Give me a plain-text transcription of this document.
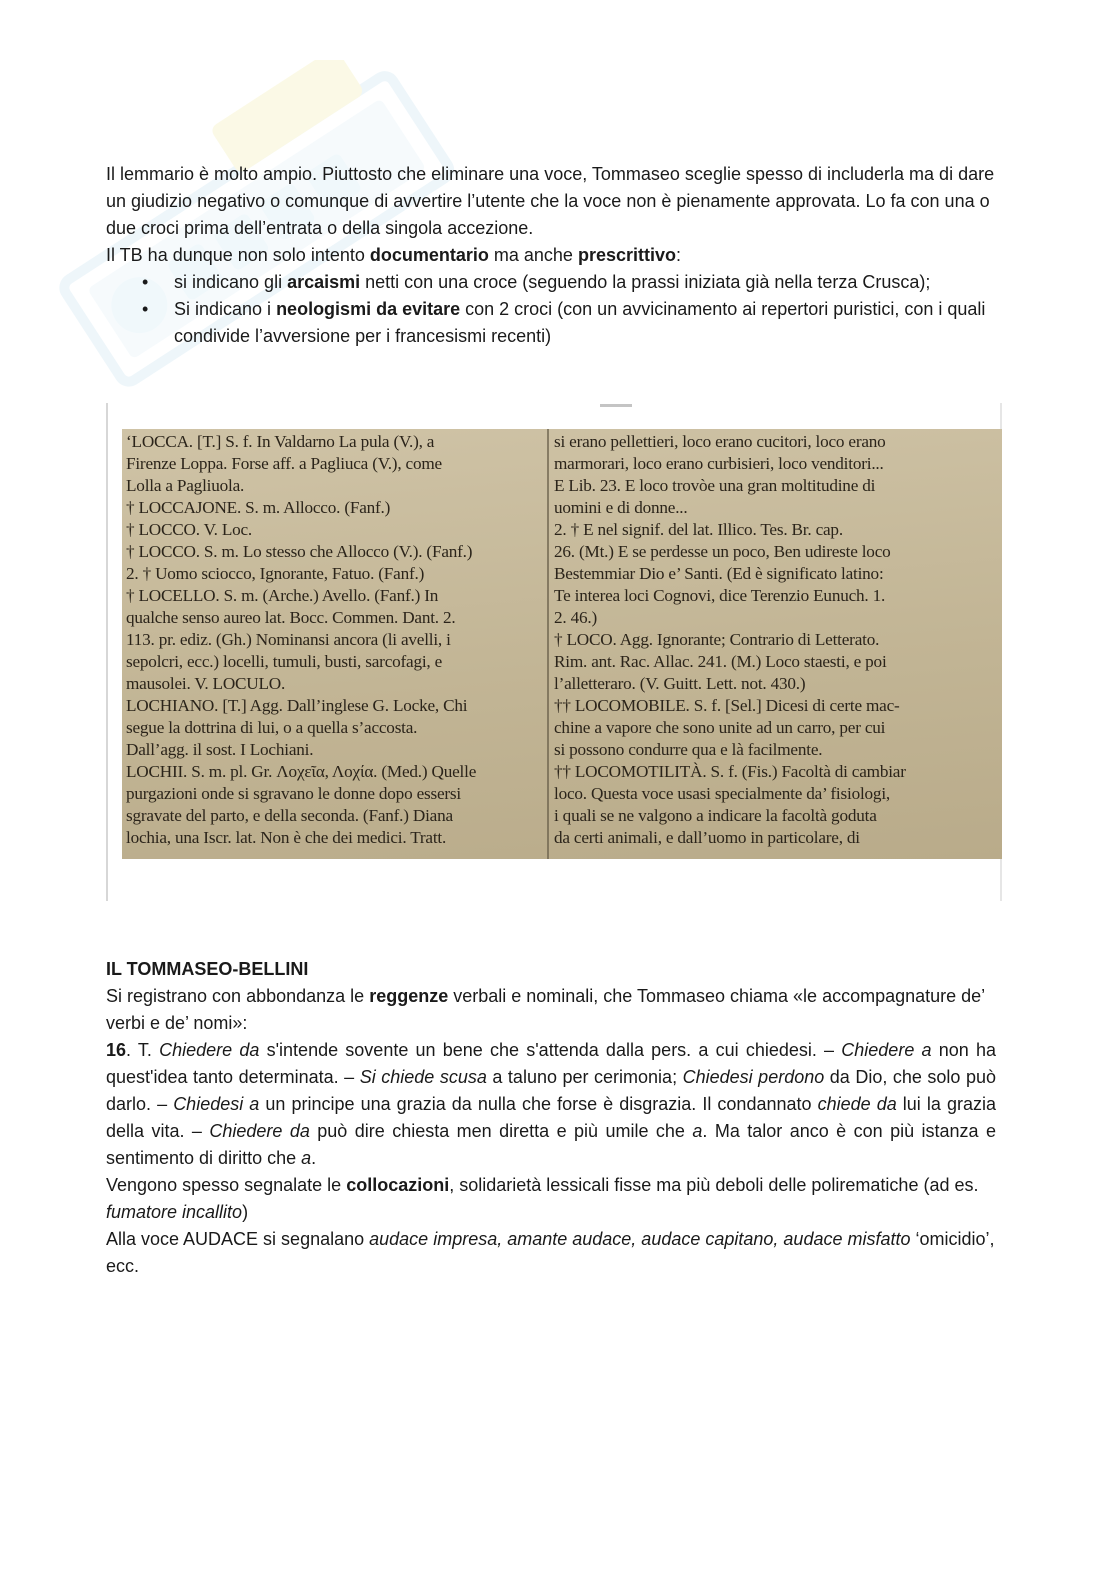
Il lemmario è molto ampio. Piuttosto che eliminare una voce, Tommaseo sceglie spesso di includerla ma di dare un giudizio negativo o comunque di avvertire l’utente che la voce non è pienamente approvata. Lo fa con una o due croci prima dell’entrata o della singola accezione.

Il TB ha dunque non solo intento documentario ma anche prescrittivo:

• si indicano gli arcaismi netti con una croce (seguendo la prassi iniziata già nella terza Crusca);
• Si indicano i neologismi da evitare con 2 croci (con un avvicinamento ai repertori puristici, con i quali condivide l’avversione per i francesismi recenti)
‘LOCCA. [T.] S. f. In Valdarno La pula (V.), a
Firenze Loppa. Forse aff. a Pagliuca (V.), come
Lolla a Pagliuola.
† LOCCAJONE. S. m. Allocco. (Fanf.)
† LOCCO. V. Loc.
† LOCCO. S. m. Lo stesso che Allocco (V.). (Fanf.)
2. † Uomo sciocco, Ignorante, Fatuo. (Fanf.)
† LOCELLO. S. m. (Arche.) Avello. (Fanf.) In
qualche senso aureo lat. Bocc. Commen. Dant. 2.
113. pr. ediz. (Gh.) Nominansi ancora (li avelli, i
sepolcri, ecc.) locelli, tumuli, busti, sarcofagi, e
mausolei. V. LOCULO.
LOCHIANO. [T.] Agg. Dall’inglese G. Locke, Chi
segue la dottrina di lui, o a quella s’accosta.
Dall’agg. il sost. I Lochiani.
LOCHII. S. m. pl. Gr. Λοχεῖα, Λοχία. (Med.) Quelle
purgazioni onde si sgravano le donne dopo essersi
sgravate del parto, e della seconda. (Fanf.) Diana
lochia, una Iscr. lat. Non è che dei medici. Tratt.
si erano pellettieri, loco erano cucitori, loco erano
marmorari, loco erano curbisieri, loco venditori...
E Lib. 23. E loco trovòe una gran moltitudine di
uomini e di donne...
2. † E nel signif. del lat. Illico. Tes. Br. cap.
26. (Mt.) E se perdesse un poco, Ben udireste loco
Bestemmiar Dio e’ Santi. (Ed è significato latino:
Te interea loci Cognovi, dice Terenzio Eunuch. 1.
2. 46.)
† LOCO. Agg. Ignorante; Contrario di Letterato.
Rim. ant. Rac. Allac. 241. (M.) Loco staesti, e poi
l’alletteraro. (V. Guitt. Lett. not. 430.)
†† LOCOMOBILE. S. f. [Sel.] Dicesi di certe mac-
chine a vapore che sono unite ad un carro, per cui
si possono condurre qua e là facilmente.
†† LOCOMOTILITÀ. S. f. (Fis.) Facoltà di cambiar
loco. Questa voce usasi specialmente da’ fisiologi,
i quali se ne valgono a indicare la facoltà goduta
da certi animali, e dall’uomo in particolare, di

IL TOMMASEO-BELLINI

Si registrano con abbondanza le reggenze verbali e nominali, che Tommaseo chiama «le accompagnature de’ verbi e de’ nomi»:

16. T. Chiedere da s'intende sovente un bene che s'attenda dalla pers. a cui chiedesi. – Chiedere a non ha quest'idea tanto determinata. – Si chiede scusa a taluno per cerimonia; Chiedesi perdono da Dio, che solo può darlo. – Chiedesi a un principe una grazia da nulla che forse è disgrazia. Il condannato chiede da lui la grazia della vita. – Chiedere da può dire chiesta men diretta e più umile che a. Ma talor anco è con più istanza e sentimento di diritto che a.

Vengono spesso segnalate le collocazioni, solidarietà lessicali fisse ma più deboli delle polirematiche (ad es. fumatore incallito)

Alla voce AUDACE si segnalano audace impresa, amante audace, audace capitano, audace misfatto ‘omicidio’, ecc.
